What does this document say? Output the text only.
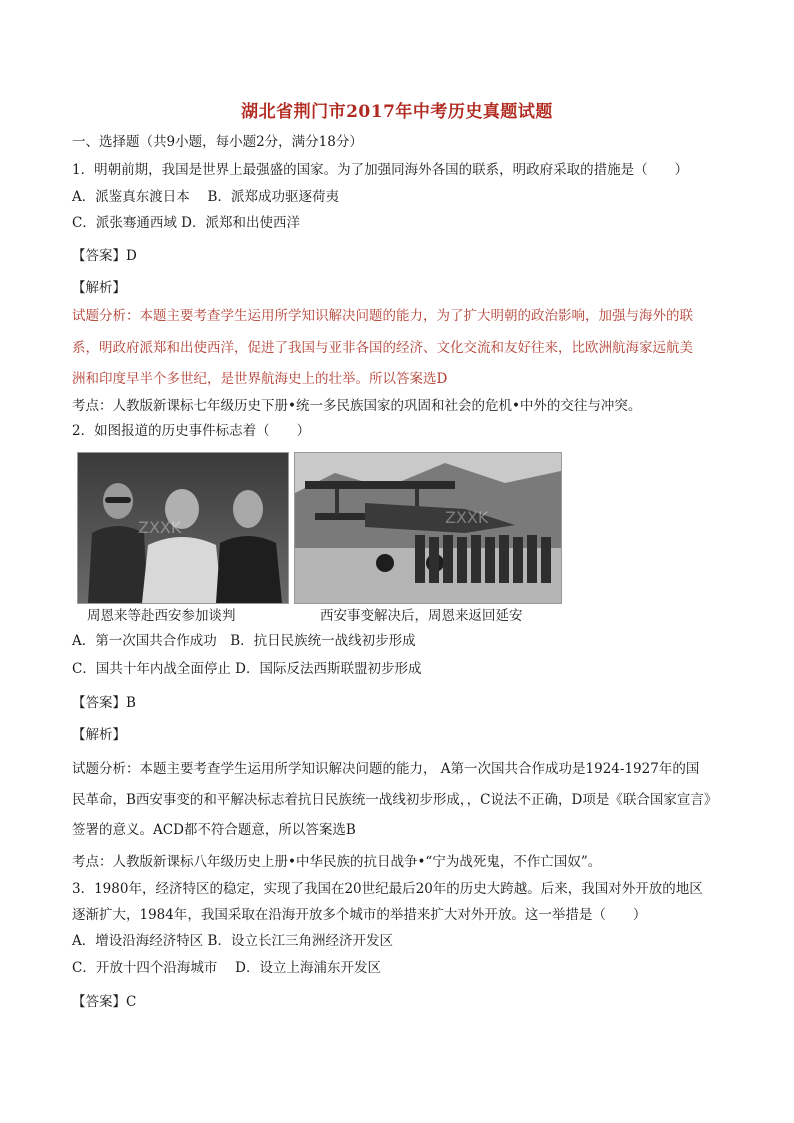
湖北省荆门市2017年中考历史真题试题
一、选择题（共9小题，每小题2分，满分18分）
1．明朝前期，我国是世界上最强盛的国家。为了加强同海外各国的联系，明政府采取的措施是（　　）
A．派鉴真东渡日本　 B．派郑成功驱逐荷夷
C．派张骞通西域 D．派郑和出使西洋
【答案】D
【解析】
试题分析：本题主要考查学生运用所学知识解决问题的能力，为了扩大明朝的政治影响，加强与海外的联
系，明政府派郑和出使西洋，促进了我国与亚非各国的经济、文化交流和友好往来，比欧洲航海家远航美
洲和印度早半个多世纪，是世界航海史上的壮举。所以答案选D
考点：人教版新课标七年级历史下册•统一多民族国家的巩固和社会的危机•中外的交往与冲突。
2．如图报道的历史事件标志着（　　）
ZXXK
ZXXK
周恩来等赴西安参加谈判	西安事变解决后，周恩来返回延安
A．第一次国共合作成功　B．抗日民族统一战线初步形成
C．国共十年内战全面停止 D．国际反法西斯联盟初步形成
【答案】B
【解析】
试题分析：本题主要考查学生运用所学知识解决问题的能力， A第一次国共合作成功是1924-1927年的国
民革命，B西安事变的和平解决标志着抗日民族统一战线初步形成，，C说法不正确，D项是《联合国家宣言》
签署的意义。ACD都不符合题意，所以答案选B
考点：人教版新课标八年级历史上册•中华民族的抗日战争•“宁为战死鬼，不作亡国奴”。
3．1980年，经济特区的稳定，实现了我国在20世纪最后20年的历史大跨越。后来，我国对外开放的地区
逐渐扩大，1984年，我国采取在沿海开放多个城市的举措来扩大对外开放。这一举措是（　　）
A．增设沿海经济特区 B．设立长江三角洲经济开发区
C．开放十四个沿海城市　 D．设立上海浦东开发区
【答案】C
